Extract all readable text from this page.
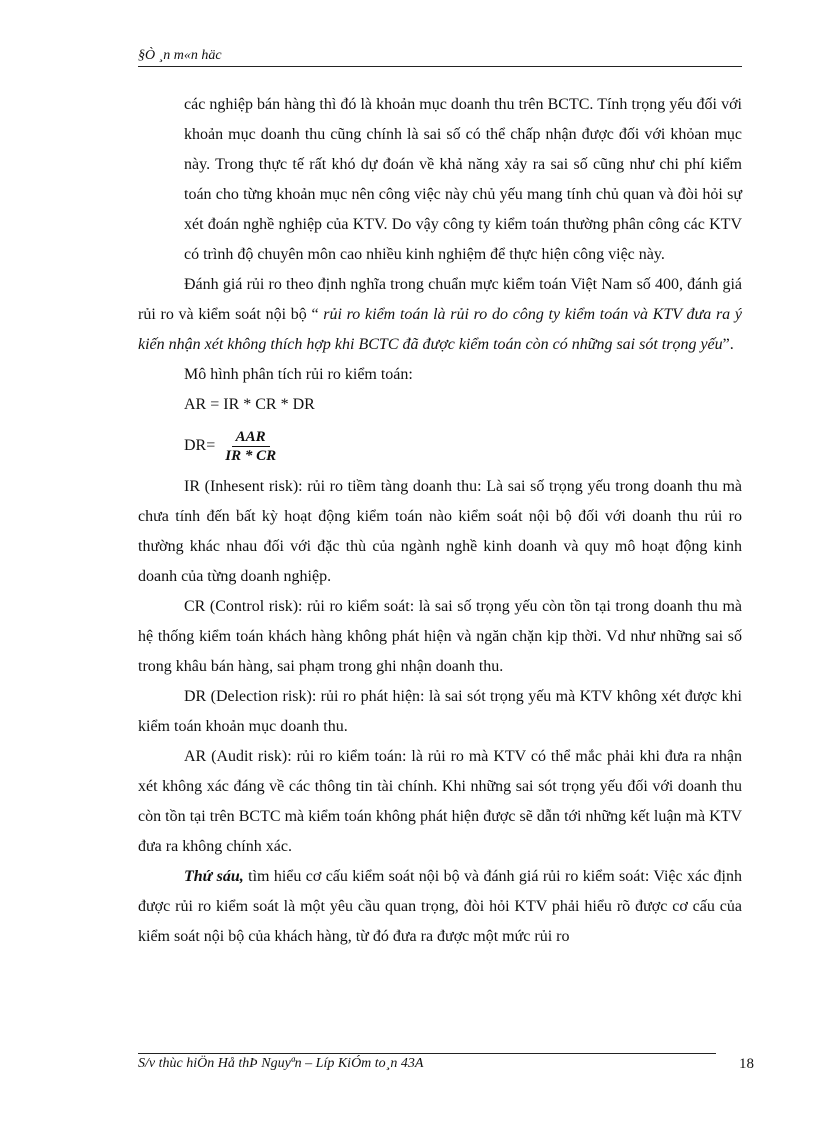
§Ò ¸n m«n häc

các nghiệp bán hàng thì đó là khoản mục doanh thu trên BCTC. Tính trọng yếu đối với khoản mục doanh thu cũng chính là sai số có thể chấp nhận được đối với khỏan mục này. Trong thực tế rất khó dự đoán về khả năng xảy ra sai số cũng như chi phí kiểm toán cho từng khoản mục nên công việc này chủ yếu mang tính chủ quan và đòi hỏi sự xét đoán nghề nghiệp của KTV. Do vậy công ty kiểm toán thường phân công các KTV có trình độ chuyên môn cao nhiều kinh nghiệm để thực hiện công việc này.

Đánh giá rủi ro theo định nghĩa trong chuẩn mực kiểm toán Việt Nam số 400, đánh giá rủi ro và kiểm soát nội bộ “ rủi ro kiểm toán là rủi ro do công ty kiểm toán và KTV đưa ra ý kiến nhận xét không thích hợp khi BCTC đã được kiểm toán còn có những sai sót trọng yếu”.

Mô hình phân tích rủi ro kiểm toán:

AR = IR * CR * DR

$DR= \frac{\text{AAR}}{IR * CR}$

IR (Inhesent risk): rủi ro tiềm tàng doanh thu: Là sai số trọng yếu trong doanh thu mà chưa tính đến bất kỳ hoạt động kiểm toán nào kiểm soát nội bộ đối với doanh thu rủi ro thường khác nhau đối với đặc thù của ngành nghề kinh doanh và quy mô hoạt động kinh doanh của từng doanh nghiệp.

CR (Control risk): rủi ro kiểm soát: là sai số trọng yếu còn tồn tại trong doanh thu mà hệ thống kiểm toán khách hàng không phát hiện và ngăn chặn kịp thời. Vd như những sai số trong khâu bán hàng, sai phạm trong ghi nhận doanh thu.

DR (Delection risk): rủi ro phát hiện: là sai sót trọng yếu mà KTV không xét được khi kiểm toán khoản mục doanh thu.

AR (Audit risk): rủi ro kiểm toán: là rủi ro mà KTV có thể mắc phải khi đưa ra nhận xét không xác đáng về các thông tin tài chính. Khi những sai sót trọng yếu đối với doanh thu còn tồn tại trên BCTC mà kiểm toán không phát hiện được sẽ dẫn tới những kết luận mà KTV đưa ra không chính xác.

Thứ sáu, tìm hiểu cơ cấu kiểm soát nội bộ và đánh giá rủi ro kiểm soát: Việc xác định được rủi ro kiểm soát là một yêu cầu quan trọng, đòi hỏi KTV phải hiểu rõ được cơ cấu của kiểm soát nội bộ của khách hàng, từ đó đưa ra được một mức rủi ro

S/v thùc hiÖn Hå thÞ Nguyªn – Líp KiÓm to¸n 43A	18
